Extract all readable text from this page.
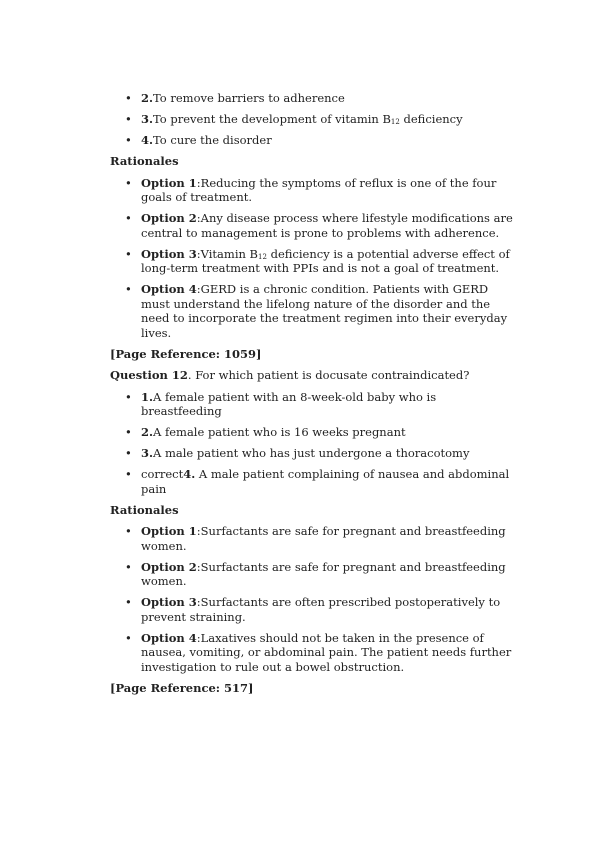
• 2.To remove barriers to adherence
• 3.To prevent the development of vitamin $B_{12}$ deficiency
• 4.To cure the disorder
Rationales
• Option 1:Reducing the symptoms of reflux is one of the four goals of treatment.
• Option 2:Any disease process where lifestyle modifications are central to management is prone to problems with adherence.
• Option 3:Vitamin $B_{12}$ deficiency is a potential adverse effect of long-term treatment with PPIs and is not a goal of treatment.
• Option 4:GERD is a chronic condition. Patients with GERD must understand the lifelong nature of the disorder and the need to incorporate the treatment regimen into their everyday lives.
[Page Reference: 1059]
Question 12. For which patient is docusate contraindicated?
• 1.A female patient with an 8-week-old baby who is breastfeeding
• 2.A female patient who is 16 weeks pregnant
• 3.A male patient who has just undergone a thoracotomy
• correct4. A male patient complaining of nausea and abdominal pain
Rationales
• Option 1:Surfactants are safe for pregnant and breastfeeding women.
• Option 2:Surfactants are safe for pregnant and breastfeeding women.
• Option 3:Surfactants are often prescribed postoperatively to prevent straining.
• Option 4:Laxatives should not be taken in the presence of nausea, vomiting, or abdominal pain. The patient needs further investigation to rule out a bowel obstruction.
[Page Reference: 517]
